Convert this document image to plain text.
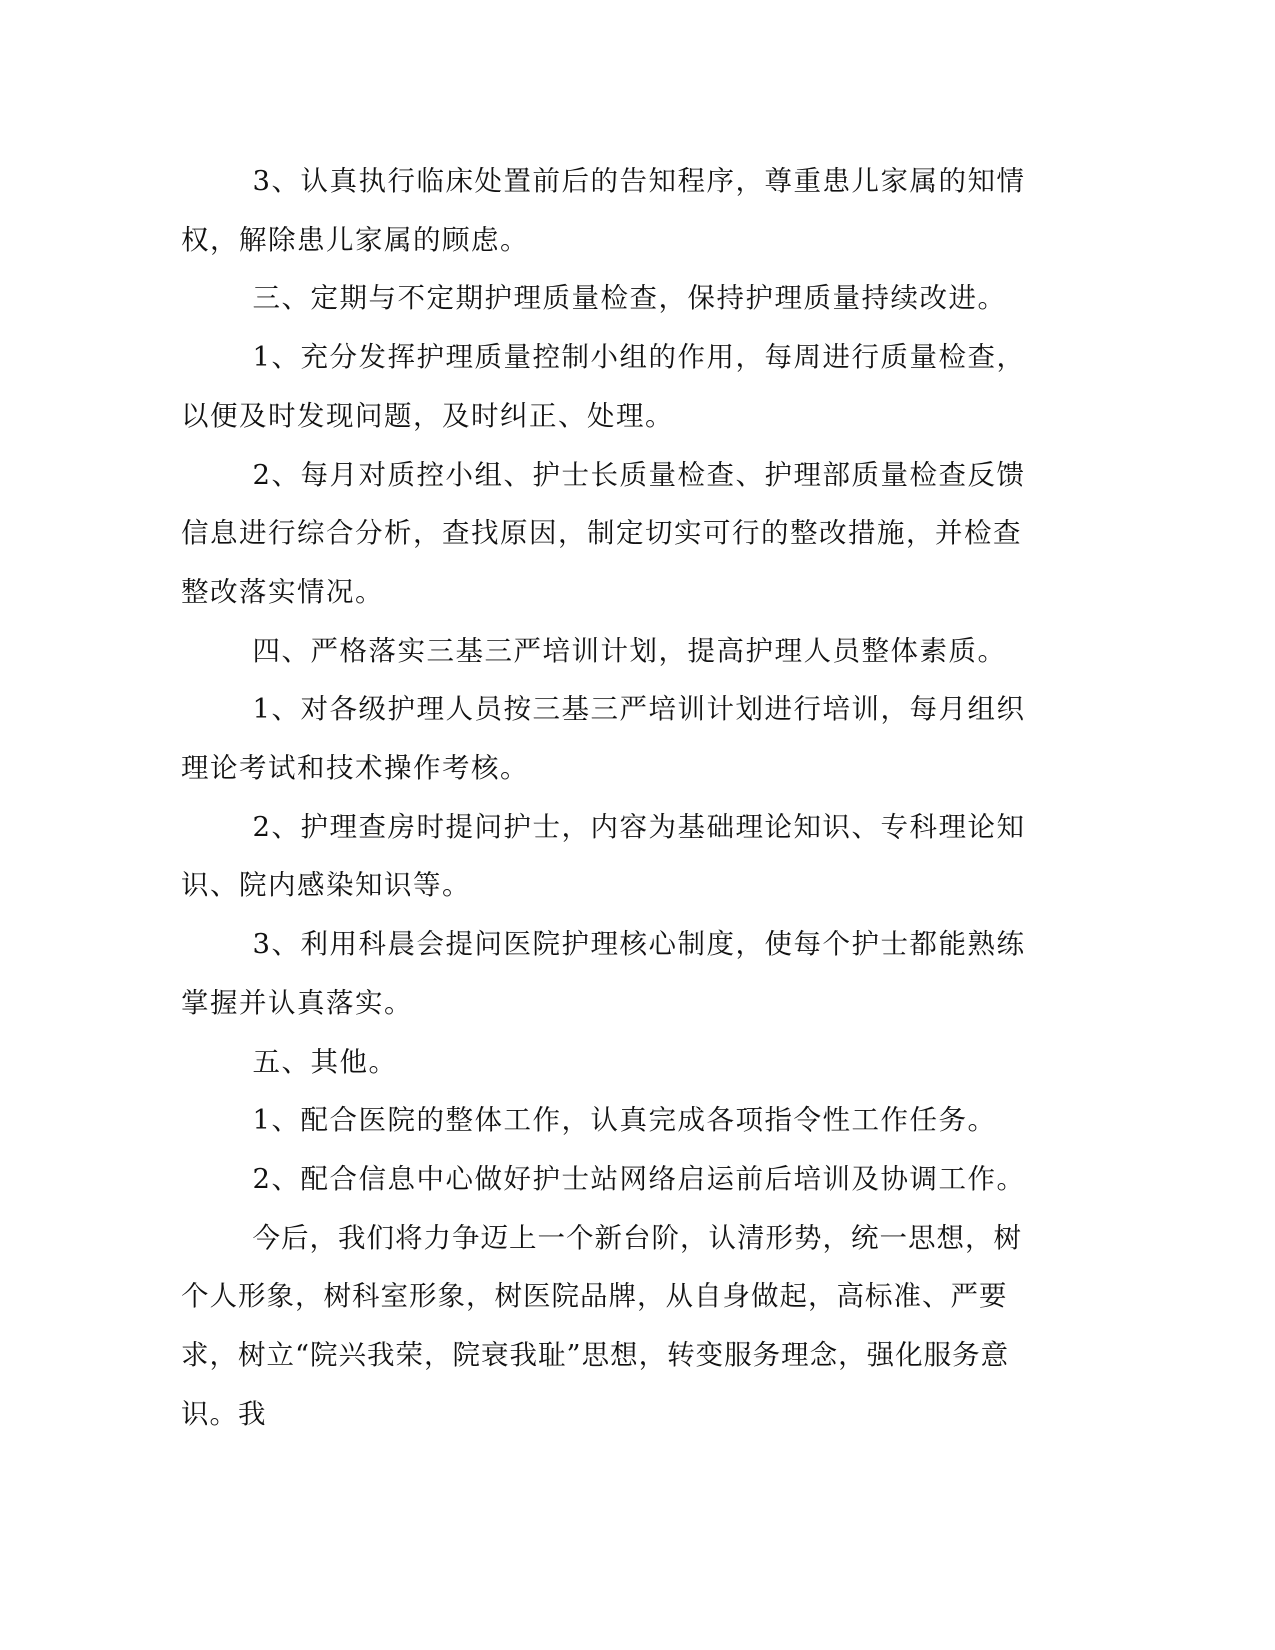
3、认真执行临床处置前后的告知程序，尊重患儿家属的知情权，解除患儿家属的顾虑。

三、定期与不定期护理质量检查，保持护理质量持续改进。

1、充分发挥护理质量控制小组的作用，每周进行质量检查，以便及时发现问题，及时纠正、处理。

2、每月对质控小组、护士长质量检查、护理部质量检查反馈信息进行综合分析，查找原因，制定切实可行的整改措施，并检查整改落实情况。

四、严格落实三基三严培训计划，提高护理人员整体素质。

1、对各级护理人员按三基三严培训计划进行培训，每月组织理论考试和技术操作考核。

2、护理查房时提问护士，内容为基础理论知识、专科理论知识、院内感染知识等。

3、利用科晨会提问医院护理核心制度，使每个护士都能熟练掌握并认真落实。

五、其他。

1、配合医院的整体工作，认真完成各项指令性工作任务。

2、配合信息中心做好护士站网络启运前后培训及协调工作。

今后，我们将力争迈上一个新台阶，认清形势，统一思想，树个人形象，树科室形象，树医院品牌，从自身做起，高标准、严要求，树立“院兴我荣，院衰我耻”思想，转变服务理念，强化服务意识。我
